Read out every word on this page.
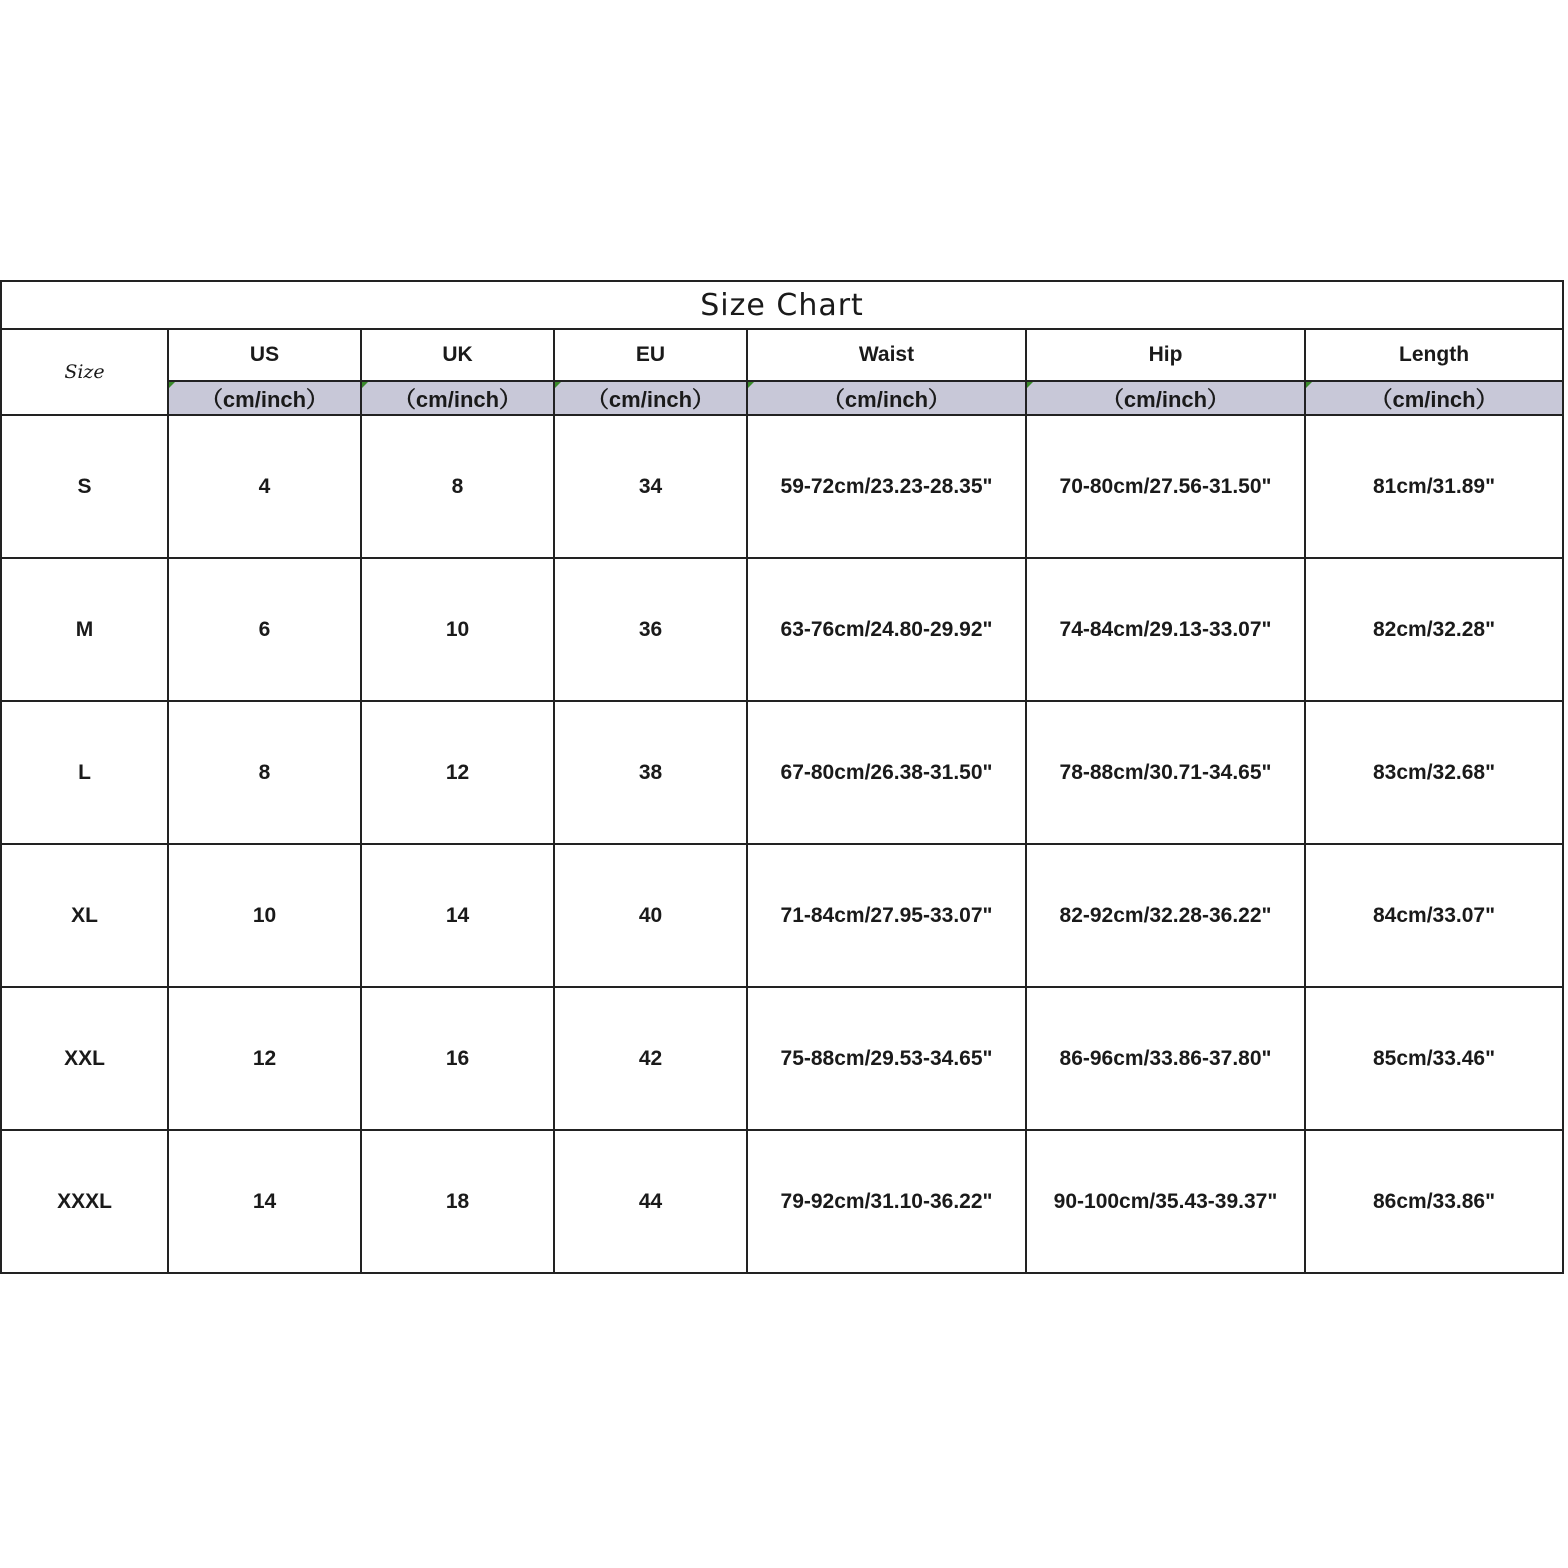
Size Chart						
Size	US	UK	EU	Waist	Hip	Length
	（cm/inch）	（cm/inch）	（cm/inch）	（cm/inch）	（cm/inch）	（cm/inch）
S	4	8	34	59-72cm/23.23-28.35"	70-80cm/27.56-31.50"	81cm/31.89"
M	6	10	36	63-76cm/24.80-29.92"	74-84cm/29.13-33.07"	82cm/32.28"
L	8	12	38	67-80cm/26.38-31.50"	78-88cm/30.71-34.65"	83cm/32.68"
XL	10	14	40	71-84cm/27.95-33.07"	82-92cm/32.28-36.22"	84cm/33.07"
XXL	12	16	42	75-88cm/29.53-34.65"	86-96cm/33.86-37.80"	85cm/33.46"
XXXL	14	18	44	79-92cm/31.10-36.22"	90-100cm/35.43-39.37"	86cm/33.86"
